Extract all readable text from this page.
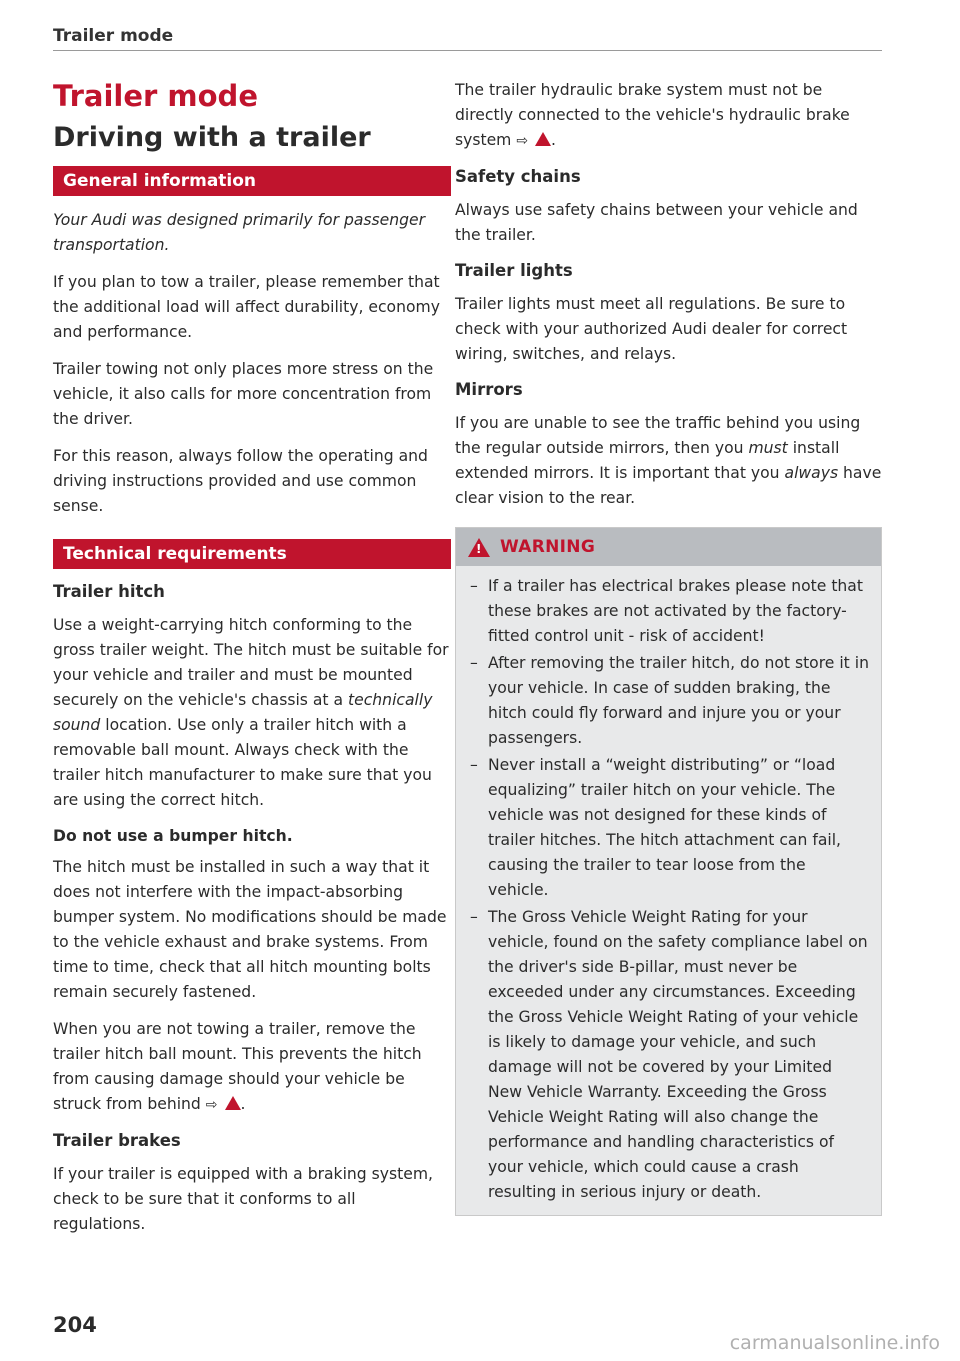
Trailer mode
Trailer mode
Driving with a trailer
General information

Your Audi was designed primarily for passenger transportation.

If you plan to tow a trailer, please remember that the additional load will affect durability, economy and performance.

Trailer towing not only places more stress on the vehicle, it also calls for more concentration from the driver.

For this reason, always follow the operating and driving instructions provided and use common sense.

Technical requirements
Trailer hitch

Use a weight-carrying hitch conforming to the gross trailer weight. The hitch must be suitable for your vehicle and trailer and must be mounted securely on the vehicle's chassis at a technically sound location. Use only a trailer hitch with a removable ball mount. Always check with the trailer hitch manufacturer to make sure that you are using the correct hitch.

Do not use a bumper hitch.

The hitch must be installed in such a way that it does not interfere with the impact-absorbing bumper system. No modifications should be made to the vehicle exhaust and brake systems. From time to time, check that all hitch mounting bolts remain securely fastened.

When you are not towing a trailer, remove the trailer hitch ball mount. This prevents the hitch from causing damage should your vehicle be struck from behind ⇨ .

Trailer brakes

If your trailer is equipped with a braking system, check to be sure that it conforms to all regulations.

The trailer hydraulic brake system must not be directly connected to the vehicle's hydraulic brake system ⇨ .

Safety chains

Always use safety chains between your vehicle and the trailer.

Trailer lights

Trailer lights must meet all regulations. Be sure to check with your authorized Audi dealer for correct wiring, switches, and relays.

Mirrors

If you are unable to see the traffic behind you using the regular outside mirrors, then you must install extended mirrors. It is important that you always have clear vision to the rear.

!
WARNING
– If a trailer has electrical brakes please note that these brakes are not activated by the factory-fitted control unit - risk of accident!
– After removing the trailer hitch, do not store it in your vehicle. In case of sudden braking, the hitch could fly forward and injure you or your passengers.
– Never install a “weight distributing” or “load equalizing” trailer hitch on your vehicle. The vehicle was not designed for these kinds of trailer hitches. The hitch attachment can fail, causing the trailer to tear loose from the vehicle.
– The Gross Vehicle Weight Rating for your vehicle, found on the safety compliance label on the driver's side B-pillar, must never be exceeded under any circumstances. Exceeding the Gross Vehicle Weight Rating of your vehicle is likely to damage your vehicle, and such damage will not be covered by your Limited New Vehicle Warranty. Exceeding the Gross Vehicle Weight Rating will also change the performance and handling characteristics of your vehicle, which could cause a crash resulting in serious injury or death.
204
carmanualsonline.info
